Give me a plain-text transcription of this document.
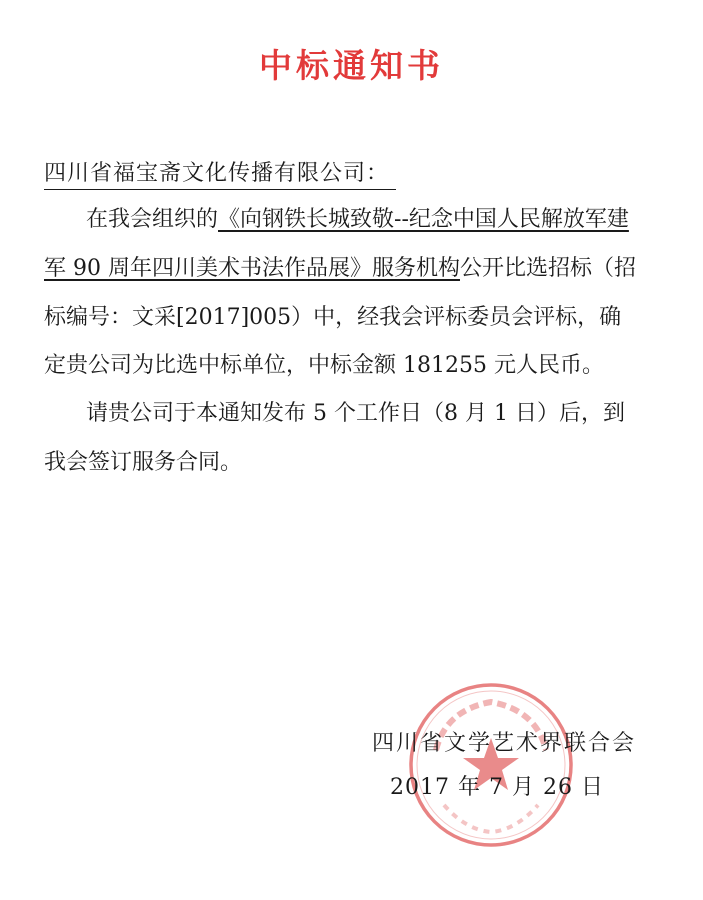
中标通知书
四川省福宝斋文化传播有限公司：
在我会组织的《向钢铁长城致敬--纪念中国人民解放军建
军 90 周年四川美术书法作品展》服务机构公开比选招标（招
标编号：文采[2017]005）中，经我会评标委员会评标，确
定贵公司为比选中标单位，中标金额 181255 元人民币。
请贵公司于本通知发布 5 个工作日（8 月 1 日）后，到
我会签订服务合同。
四川省文学艺术界联合会
2017 年 7 月 26 日
